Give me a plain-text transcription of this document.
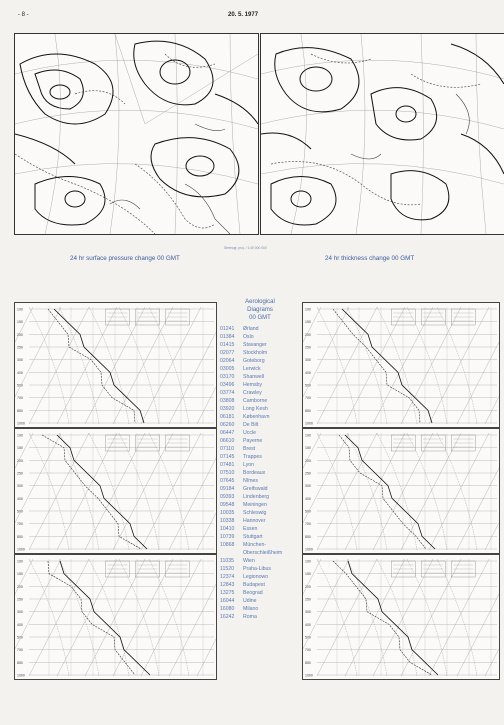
- 8 -	20. 5. 1977
Stereogr. proj. / 1:40 000 000
24 hr surface pressure change 00 GMT	24 hr thickness change 00 GMT
100
150
200
250
300
400
500
700
850
1000
100
150
200
250
300
400
500
700
850
1000
100
150
200
250
300
400
500
700
850
1000
100
150
200
250
300
400
500
700
850
1000
100
150
200
250
300
400
500
700
850
1000
100
150
200
250
300
400
500
700
850
1000
Aerological
Diagrams
00 GMT
01241 Ørland
01384 Oslo
01415 Stavanger
02077 Stockholm
02064 Goteborg
03005 Lerwick
03170 Shanwell
03496 Hemsby
03774 Crawley
03808 Camborne
03920 Long Kesh
06181 København
06260 De Bilt
06447 Uccle
06610 Payerne
07110 Brest
07145 Trappes
07481 Lyon
07510 Bordeaux
07645 Nîmes
09184 Greifswald
09393 Lindenberg
09548 Meiningen
10035 Schleswig
10338 Hannover
10410 Essen
10739 Stuttgart
10868 München-
Oberschleißheim
11035 Wien
11520 Praha-Libus
12374 Legionowo
12843 Budapest
13275 Beograd
16044 Udine
16080 Milano
16242 Roma
